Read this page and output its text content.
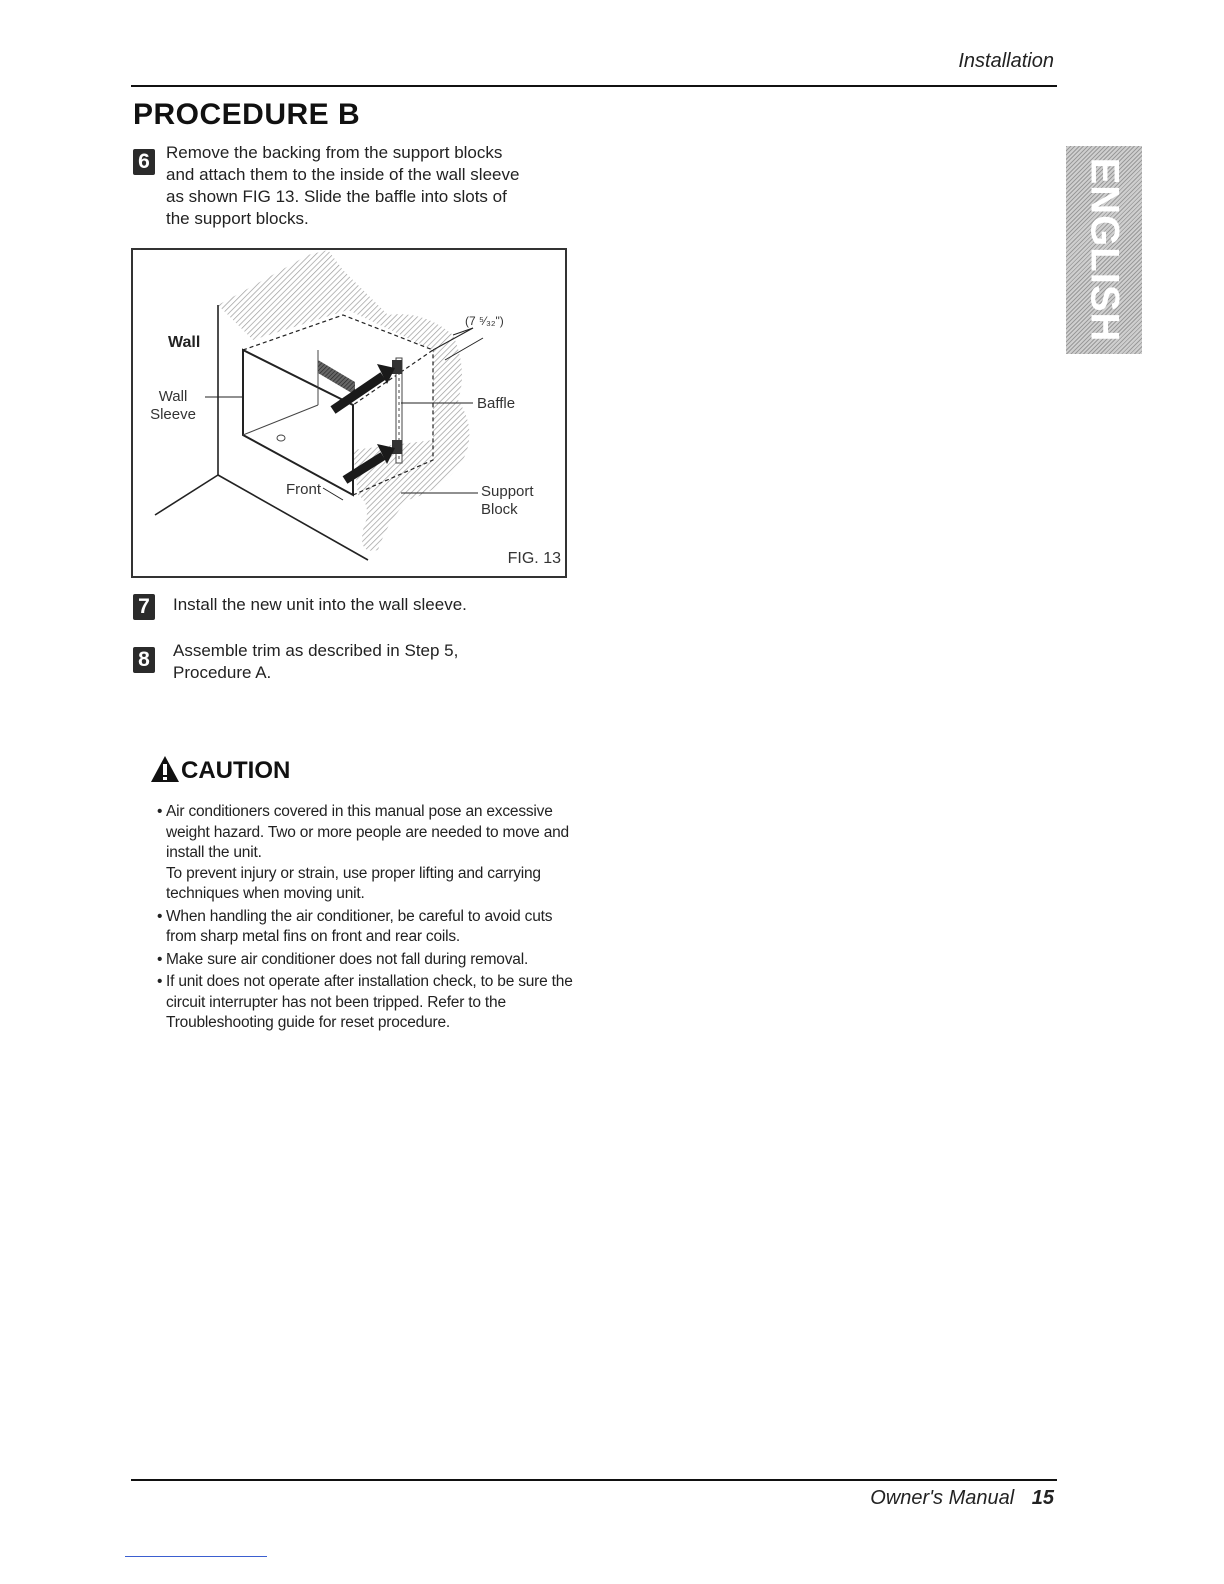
Installation
PROCEDURE B
6 Remove the backing from the support blocks
and attach them to the inside of the wall sleeve
as shown FIG 13. Slide the baffle into slots of
the support blocks.
Wall
Wall
Sleeve
Baffle
Front	Support
Block
(7 ⁵⁄₃₂")
FIG. 13
7	Install the new unit into the wall sleeve.
8	Assemble trim as described in Step 5,
Procedure A.
CAUTION

• Air conditioners covered in this manual pose an excessive weight hazard. Two or more people are needed to move and install the unit.

To prevent injury or strain, use proper lifting and carrying techniques when moving unit.

• When handling the air conditioner, be careful to avoid cuts from sharp metal fins on front and rear coils.

• Make sure air conditioner does not fall during removal.

• If unit does not operate after installation check, to be sure the circuit interrupter has not been tripped. Refer to the Troubleshooting guide for reset procedure.

ENGLISH
Owner's Manual 15
